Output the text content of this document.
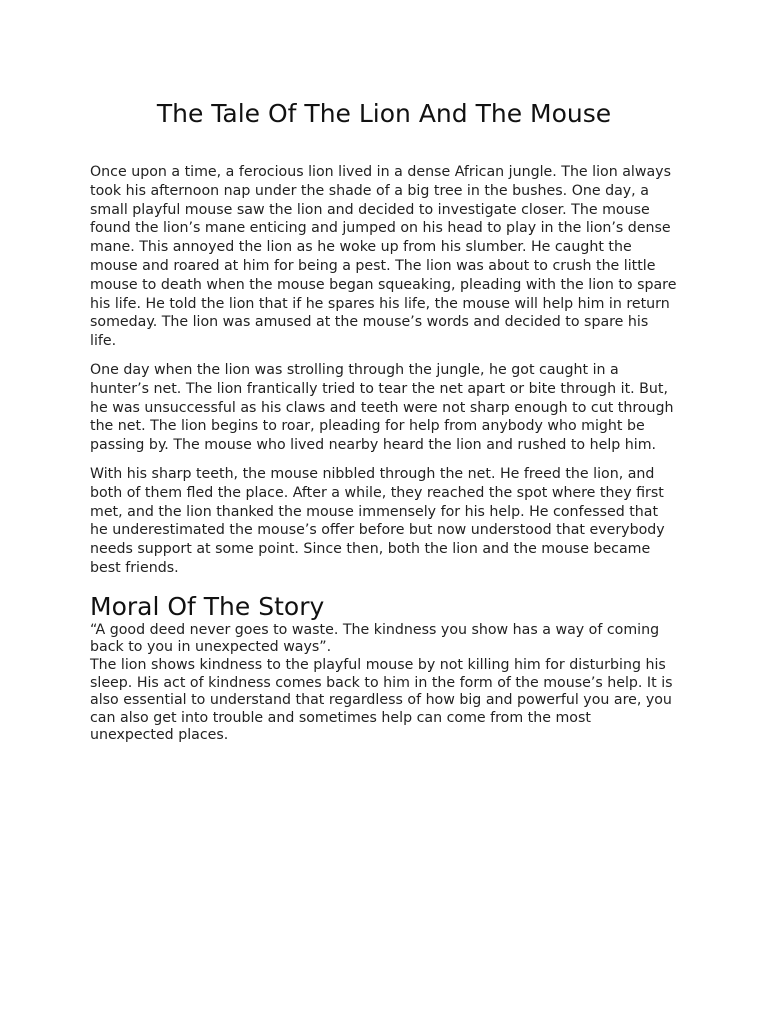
The Tale Of The Lion And The Mouse

Once upon a time, a ferocious lion lived in a dense African jungle. The lion always took his afternoon nap under the shade of a big tree in the bushes. One day, a small playful mouse saw the lion and decided to investigate closer. The mouse found the lion’s mane enticing and jumped on his head to play in the lion’s dense mane. This annoyed the lion as he woke up from his slumber. He caught the mouse and roared at him for being a pest. The lion was about to crush the little mouse to death when the mouse began squeaking, pleading with the lion to spare his life. He told the lion that if he spares his life, the mouse will help him in return someday. The lion was amused at the mouse’s words and decided to spare his life.

One day when the lion was strolling through the jungle, he got caught in a hunter’s net. The lion frantically tried to tear the net apart or bite through it. But, he was unsuccessful as his claws and teeth were not sharp enough to cut through the net. The lion begins to roar, pleading for help from anybody who might be passing by. The mouse who lived nearby heard the lion and rushed to help him.

With his sharp teeth, the mouse nibbled through the net. He freed the lion, and both of them fled the place. After a while, they reached the spot where they first met, and the lion thanked the mouse immensely for his help. He confessed that he underestimated the mouse’s offer before but now understood that everybody needs support at some point. Since then, both the lion and the mouse became best friends.

Moral Of The Story

“A good deed never goes to waste. The kindness you show has a way of coming back to you in unexpected ways”.

The lion shows kindness to the playful mouse by not killing him for disturbing his sleep. His act of kindness comes back to him in the form of the mouse’s help. It is also essential to understand that regardless of how big and powerful you are, you can also get into trouble and sometimes help can come from the most unexpected places.
